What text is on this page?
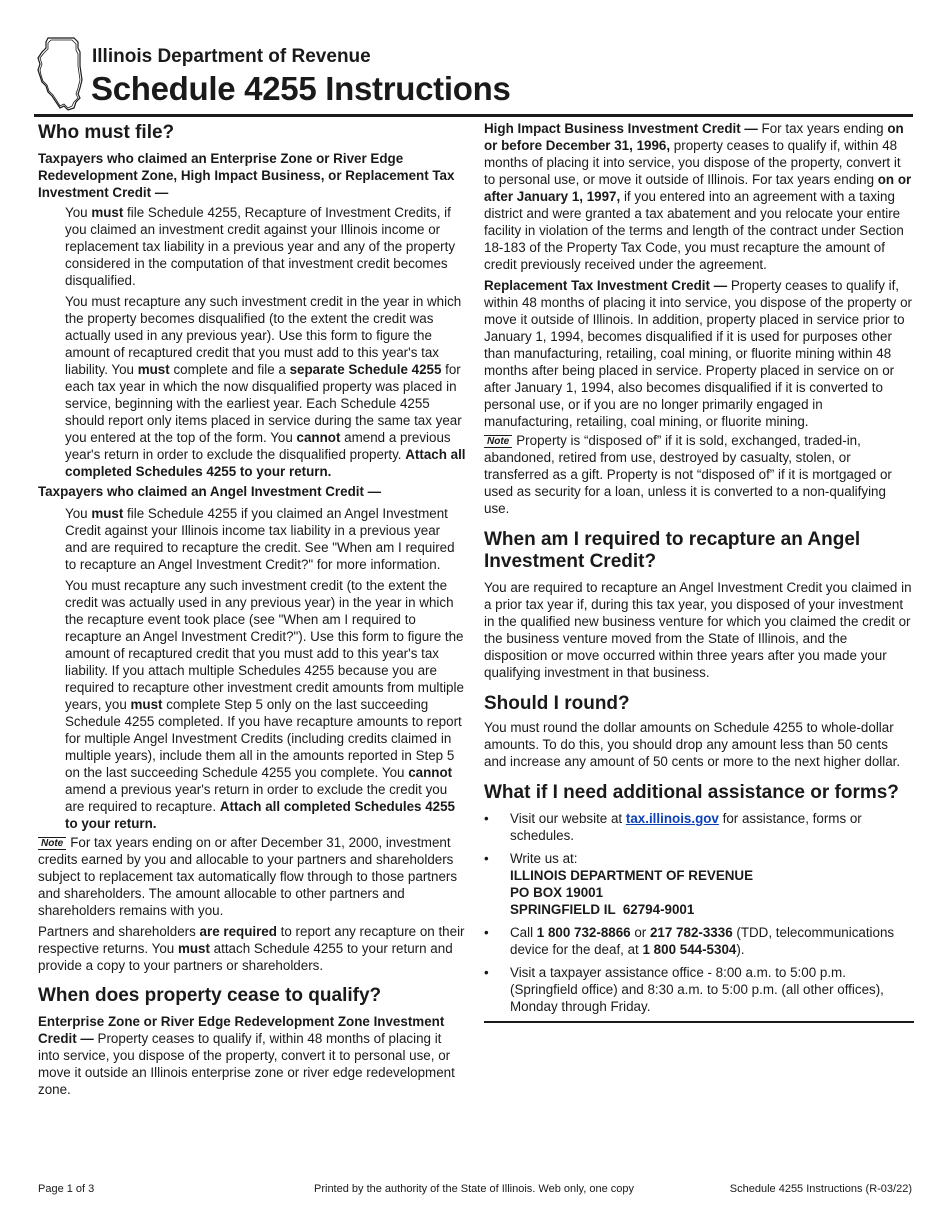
Illinois Department of Revenue
Schedule 4255 Instructions
Who must file?

Taxpayers who claimed an Enterprise Zone or River Edge Redevelopment Zone, High Impact Business, or Replacement Tax Investment Credit —

You must file Schedule 4255, Recapture of Investment Credits, if you claimed an investment credit against your Illinois income or replacement tax liability in a previous year and any of the property considered in the computation of that investment credit becomes disqualified.

You must recapture any such investment credit in the year in which the property becomes disqualified (to the extent the credit was actually used in any previous year). Use this form to figure the amount of recaptured credit that you must add to this year's tax liability. You must complete and file a separate Schedule 4255 for each tax year in which the now disqualified property was placed in service, beginning with the earliest year. Each Schedule 4255 should report only items placed in service during the same tax year you entered at the top of the form. You cannot amend a previous year's return in order to exclude the disqualified property. Attach all completed Schedules 4255 to your return.

Taxpayers who claimed an Angel Investment Credit —

You must file Schedule 4255 if you claimed an Angel Investment Credit against your Illinois income tax liability in a previous year and are required to recapture the credit. See "When am I required to recapture an Angel Investment Credit?" for more information.

You must recapture any such investment credit (to the extent the credit was actually used in any previous year) in the year in which the recapture event took place (see "When am I required to recapture an Angel Investment Credit?"). Use this form to figure the amount of recaptured credit that you must add to this year's tax liability. If you attach multiple Schedules 4255 because you are required to recapture other investment credit amounts from multiple years, you must complete Step 5 only on the last succeeding Schedule 4255 completed. If you have recapture amounts to report for multiple Angel Investment Credits (including credits claimed in multiple years), include them all in the amounts reported in Step 5 on the last succeeding Schedule 4255 you complete. You cannot amend a previous year's return in order to exclude the credit you are required to recapture. Attach all completed Schedules 4255 to your return.

Note For tax years ending on or after December 31, 2000, investment credits earned by you and allocable to your partners and shareholders subject to replacement tax automatically flow through to those partners and shareholders. The amount allocable to other partners and shareholders remains with you.

Partners and shareholders are required to report any recapture on their respective returns. You must attach Schedule 4255 to your return and provide a copy to your partners or shareholders.

When does property cease to qualify?

Enterprise Zone or River Edge Redevelopment Zone Investment Credit — Property ceases to qualify if, within 48 months of placing it into service, you dispose of the property, convert it to personal use, or move it outside an Illinois enterprise zone or river edge redevelopment zone.

High Impact Business Investment Credit — For tax years ending on or before December 31, 1996, property ceases to qualify if, within 48 months of placing it into service, you dispose of the property, convert it to personal use, or move it outside of Illinois. For tax years ending on or after January 1, 1997, if you entered into an agreement with a taxing district and were granted a tax abatement and you relocate your entire facility in violation of the terms and length of the contract under Section 18-183 of the Property Tax Code, you must recapture the amount of credit previously received under the agreement.

Replacement Tax Investment Credit — Property ceases to qualify if, within 48 months of placing it into service, you dispose of the property or move it outside of Illinois. In addition, property placed in service prior to January 1, 1994, becomes disqualified if it is used for purposes other than manufacturing, retailing, coal mining, or fluorite mining within 48 months after being placed in service. Property placed in service on or after January 1, 1994, also becomes disqualified if it is converted to personal use, or if you are no longer primarily engaged in manufacturing, retailing, coal mining, or fluorite mining.

Note Property is “disposed of” if it is sold, exchanged, traded-in, abandoned, retired from use, destroyed by casualty, stolen, or transferred as a gift. Property is not “disposed of” if it is mortgaged or used as security for a loan, unless it is converted to a non-qualifying use.

When am I required to recapture an Angel Investment Credit?

You are required to recapture an Angel Investment Credit you claimed in a prior tax year if, during this tax year, you disposed of your investment in the qualified new business venture for which you claimed the credit or the business venture moved from the State of Illinois, and the disposition or move occurred within three years after you made your qualifying investment in that business.

Should I round?

You must round the dollar amounts on Schedule 4255 to whole-dollar amounts. To do this, you should drop any amount less than 50 cents and increase any amount of 50 cents or more to the next higher dollar.

What if I need additional assistance or forms?
• Visit our website at tax.illinois.gov for assistance, forms or schedules.
• Write us at:
ILLINOIS DEPARTMENT OF REVENUE
PO BOX 19001
SPRINGFIELD IL  62794-9001
• Call 1 800 732-8866 or 217 782-3336 (TDD, telecommunications device for the deaf, at 1 800 544-5304).
• Visit a taxpayer assistance office - 8:00 a.m. to 5:00 p.m. (Springfield office) and 8:30 a.m. to 5:00 p.m. (all other offices), Monday through Friday.
Page 1 of 3	Printed by the authority of the State of Illinois. Web only, one copy	Schedule 4255 Instructions (R-03/22)
